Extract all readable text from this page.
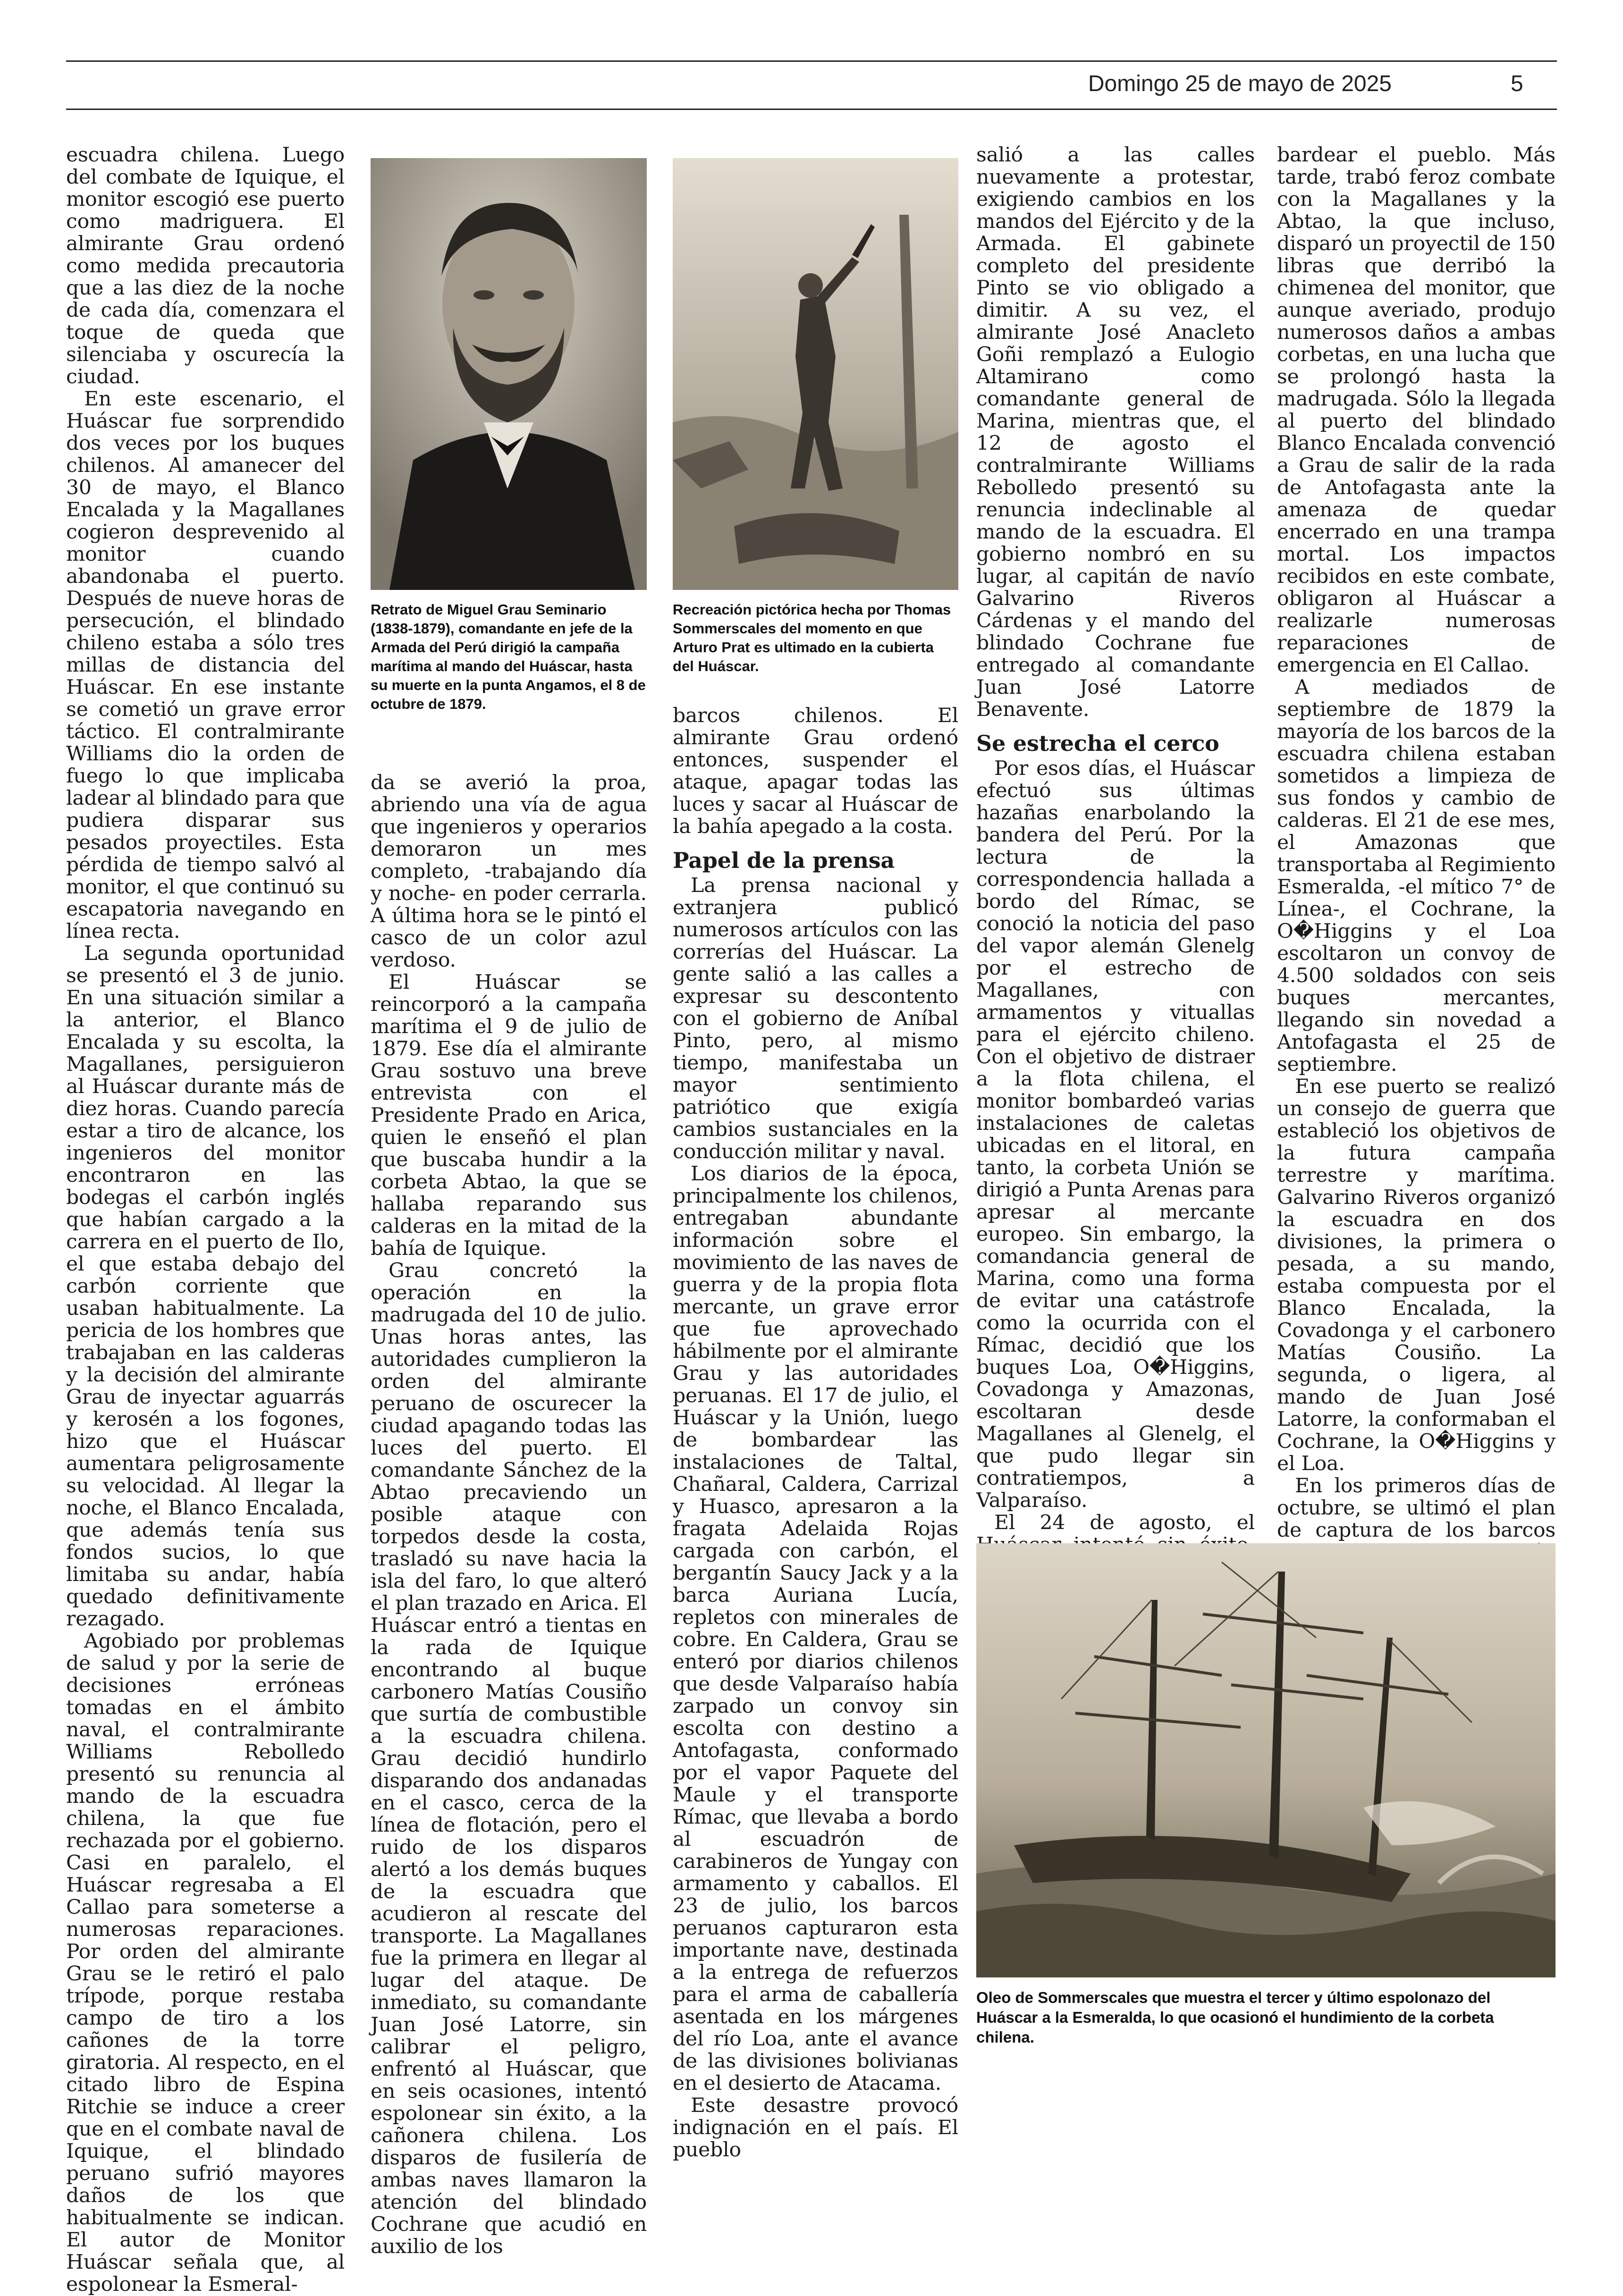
Domingo 25 de mayo de 2025	5

escuadra chilena. Luego del combate de Iquique, el monitor escogió ese puerto como madriguera. El almirante Grau ordenó como medida precautoria que a las diez de la noche de cada día, comenzara el toque de queda que silenciaba y oscurecía la ciudad.

En este escenario, el Huáscar fue sorprendido dos veces por los buques chilenos. Al amanecer del 30 de mayo, el Blanco Encalada y la Magallanes cogieron desprevenido al monitor cuando abandonaba el puerto. Después de nueve horas de persecución, el blindado chileno estaba a sólo tres millas de distancia del Huáscar. En ese instante se cometió un grave error táctico. El contralmirante Williams dio la orden de fuego lo que implicaba ladear al blindado para que pudiera disparar sus pesados proyectiles. Esta pérdida de tiempo salvó al monitor, el que continuó su escapatoria navegando en línea recta.

La segunda oportunidad se presentó el 3 de junio. En una situación similar a la anterior, el Blanco Encalada y su escolta, la Magallanes, persiguieron al Huáscar durante más de diez horas. Cuando parecía estar a tiro de alcance, los ingenieros del monitor encontraron en las bodegas el carbón inglés que habían cargado a la carrera en el puerto de Ilo, el que estaba debajo del carbón corriente que usaban habitualmente. La pericia de los hombres que trabajaban en las calderas y la decisión del almirante Grau de inyectar aguarrás y kerosén a los fogones, hizo que el Huáscar aumentara peligrosamente su velocidad. Al llegar la noche, el Blanco Encalada, que además tenía sus fondos sucios, lo que limitaba su andar, había quedado definitivamente rezagado.

Agobiado por problemas de salud y por la serie de decisiones erróneas tomadas en el ámbito naval, el contralmirante Williams Rebolledo presentó su renuncia al mando de la escuadra chilena, la que fue rechazada por el gobierno. Casi en paralelo, el Huáscar regresaba a El Callao para someterse a numerosas reparaciones. Por orden del almirante Grau se le retiró el palo trípode, porque restaba campo de tiro a los cañones de la torre giratoria. Al respecto, en el citado libro de Espina Ritchie se induce a creer que en el combate naval de Iquique, el blindado peruano sufrió mayores daños de los que habitualmente se indican. El autor de Monitor Huáscar señala que, al espolonear la Esmeral-

Retrato de Miguel Grau Seminario (1838-1879), comandante en jefe de la Armada del Perú dirigió la campaña marítima al mando del Huáscar, hasta su muerte en la punta Angamos, el 8 de octubre de 1879.
Recreación pictórica hecha por Thomas Sommerscales del momento en que Arturo Prat es ultimado en la cubierta del Huáscar.

da se averió la proa, abriendo una vía de agua que ingenieros y operarios demoraron un mes completo, -trabajando día y noche- en poder cerrarla. A última hora se le pintó el casco de un color azul verdoso.

El Huáscar se reincorporó a la campaña marítima el 9 de julio de 1879. Ese día el almirante Grau sostuvo una breve entrevista con el Presidente Prado en Arica, quien le enseñó el plan que buscaba hundir a la corbeta Abtao, la que se hallaba reparando sus calderas en la mitad de la bahía de Iquique.

Grau concretó la operación en la madrugada del 10 de julio. Unas horas antes, las autoridades cumplieron la orden del almirante peruano de oscurecer la ciudad apagando todas las luces del puerto. El comandante Sánchez de la Abtao precaviendo un posible ataque con torpedos desde la costa, trasladó su nave hacia la isla del faro, lo que alteró el plan trazado en Arica. El Huáscar entró a tientas en la rada de Iquique encontrando al buque carbonero Matías Cousiño que surtía de combustible a la escuadra chilena. Grau decidió hundirlo disparando dos andanadas en el casco, cerca de la línea de flotación, pero el ruido de los disparos alertó a los demás buques de la escuadra que acudieron al rescate del transporte. La Magallanes fue la primera en llegar al lugar del ataque. De inmediato, su comandante Juan José Latorre, sin calibrar el peligro, enfrentó al Huáscar, que en seis ocasiones, intentó espolonear sin éxito, a la cañonera chilena. Los disparos de fusilería de ambas naves llamaron la atención del blindado Cochrane que acudió en auxilio de los

barcos chilenos. El almirante Grau ordenó entonces, suspender el ataque, apagar todas las luces y sacar al Huáscar de la bahía apegado a la costa.

Papel de la prensa

La prensa nacional y extranjera publicó numerosos artículos con las correrías del Huáscar. La gente salió a las calles a expresar su descontento con el gobierno de Aníbal Pinto, pero, al mismo tiempo, manifestaba un mayor sentimiento patriótico que exigía cambios sustanciales en la conducción militar y naval.

Los diarios de la época, principalmente los chilenos, entregaban abundante información sobre el movimiento de las naves de guerra y de la propia flota mercante, un grave error que fue aprovechado hábilmente por el almirante Grau y las autoridades peruanas. El 17 de julio, el Huáscar y la Unión, luego de bombardear las instalaciones de Taltal, Chañaral, Caldera, Carrizal y Huasco, apresaron a la fragata Adelaida Rojas cargada con carbón, el bergantín Saucy Jack y a la barca Auriana Lucía, repletos con minerales de cobre. En Caldera, Grau se enteró por diarios chilenos que desde Valparaíso había zarpado un convoy sin escolta con destino a Antofagasta, conformado por el vapor Paquete del Maule y el transporte Rímac, que llevaba a bordo al escuadrón de carabineros de Yungay con armamento y caballos. El 23 de julio, los barcos peruanos capturaron esta importante nave, destinada a la entrega de refuerzos para el arma de caballería asentada en los márgenes del río Loa, ante el avance de las divisiones bolivianas en el desierto de Atacama.

Este desastre provocó indignación en el país. El pueblo

salió a las calles nuevamente a protestar, exigiendo cambios en los mandos del Ejército y de la Armada. El gabinete completo del presidente Pinto se vio obligado a dimitir. A su vez, el almirante José Anacleto Goñi remplazó a Eulogio Altamirano como comandante general de Marina, mientras que, el 12 de agosto el contralmirante Williams Rebolledo presentó su renuncia indeclinable al mando de la escuadra. El gobierno nombró en su lugar, al capitán de navío Galvarino Riveros Cárdenas y el mando del blindado Cochrane fue entregado al comandante Juan José Latorre Benavente.

Se estrecha el cerco

Por esos días, el Huáscar efectuó sus últimas hazañas enarbolando la bandera del Perú. Por la lectura de la correspondencia hallada a bordo del Rímac, se conoció la noticia del paso del vapor alemán Glenelg por el estrecho de Magallanes, con armamentos y vituallas para el ejército chileno. Con el objetivo de distraer a la flota chilena, el monitor bombardeó varias instalaciones de caletas ubicadas en el litoral, en tanto, la corbeta Unión se dirigió a Punta Arenas para apresar al mercante europeo. Sin embargo, la comandancia general de Marina, como una forma de evitar una catástrofe como la ocurrida con el Rímac, decidió que los buques Loa, O�Higgins, Covadonga y Amazonas, escoltaran desde Magallanes al Glenelg, el que pudo llegar sin contratiempos, a Valparaíso.

El 24 de agosto, el

bardear el pueblo. Más tarde, trabó feroz combate con la Magallanes y la Abtao, la que incluso, disparó un proyectil de 150 libras que derribó la chimenea del monitor, que aunque averiado, produjo numerosos daños a ambas corbetas, en una lucha que se prolongó hasta la madrugada. Sólo la llegada al puerto del blindado Blanco Encalada convenció a Grau de salir de la rada de Antofagasta ante la amenaza de quedar encerrado en una trampa mortal. Los impactos recibidos en este combate, obligaron al Huáscar a realizarle numerosas reparaciones de emergencia en El Callao.

A mediados de septiembre de 1879 la mayoría de los barcos de la escuadra chilena estaban sometidos a limpieza de sus fondos y cambio de calderas. El 21 de ese mes, el Amazonas que transportaba al Regimiento Esmeralda, -el mítico 7° de Línea-, el Cochrane, la O�Higgins y el Loa escoltaron un convoy de 4.500 soldados con seis buques mercantes, llegando sin novedad a Antofagasta el 25 de septiembre.

En ese puerto se realizó un consejo de guerra que estableció los objetivos de la futura campaña terrestre y marítima. Galvarino Riveros organizó la escuadra en dos divisiones, la primera o pesada, a su mando, estaba compuesta por el Blanco Encalada, la Covadonga y el carbonero Matías Cousiño. La segunda, o ligera, al mando de Juan José Latorre, la conformaban el Cochrane, la O�Higgins y el Loa.

En los primeros días de octubre, se ultimó el plan de captura de los barcos

Oleo de Sommerscales que muestra el tercer y último espolonazo del Huáscar a la Esmeralda, lo que ocasionó el hundimiento de la corbeta chilena.
